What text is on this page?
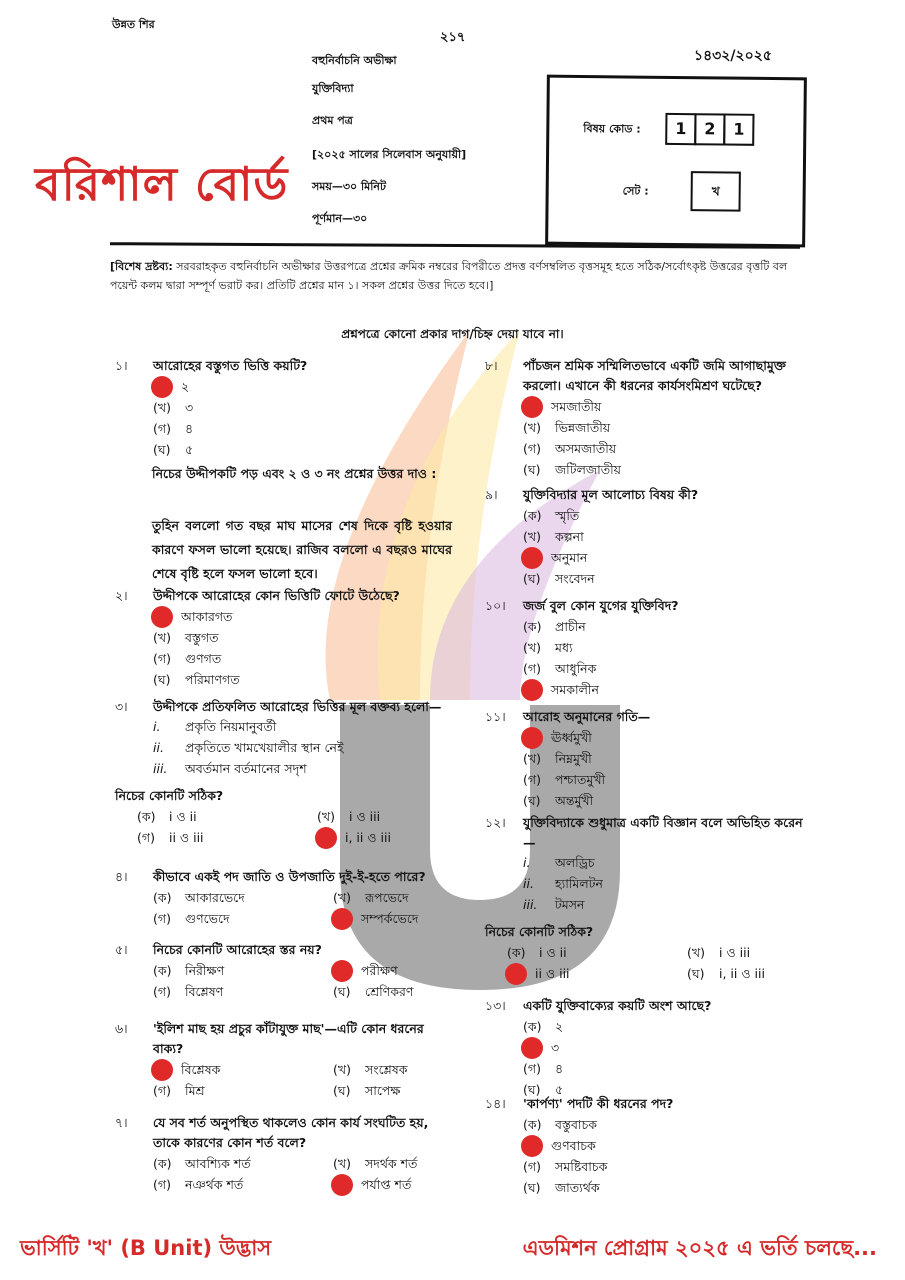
উন্নত শির
২১৭
১৪৩২/২০২৫
বরিশাল বোর্ড
বহুনির্বাচনি অভীক্ষা
যুক্তিবিদ্যা
প্রথম পত্র
[২০২৫ সালের সিলেবাস অনুযায়ী]
সময়—৩০ মিনিট
পূর্ণমান—৩০
বিষয় কোড :	1 2 1
সেট :	খ
[বিশেষ দ্রষ্টব্য: সরবরাহকৃত বহুনির্বাচনি অভীক্ষার উত্তরপত্রে প্রশ্নের ক্রমিক নম্বরের বিপরীতে প্রদত্ত বর্ণসম্বলিত বৃত্তসমূহ হতে সঠিক/সর্বোৎকৃষ্ট উত্তরের বৃত্তটি বল পয়েন্ট কলম দ্বারা সম্পূর্ণ ভরাট কর। প্রতিটি প্রশ্নের মান ১। সকল প্রশ্নের উত্তর দিতে হবে।]
প্রশ্নপত্রে কোনো প্রকার দাগ/চিহ্ন দেয়া যাবে না।
নিচের উদ্দীপকটি পড় এবং ২ ও ৩ নং প্রশ্নের উত্তর দাও :
তুহিন বললো গত বছর মাঘ মাসের শেষ দিকে বৃষ্টি হওয়ার কারণে ফসল ভালো হয়েছে। রাজিব বললো এ বছরও মাঘের শেষে বৃষ্টি হলে ফসল ভালো হবে।
১।	আরোহের বস্তুগত ভিত্তি কয়টি?
২
(খ)	৩
(গ)	৪
(ঘ)	৫
২।	উদ্দীপকে আরোহের কোন ভিত্তিটি ফোটে উঠেছে?
আকারগত
(খ)	বস্তুগত
(গ)	গুণগত
(ঘ)	পরিমাণগত
৩।	উদ্দীপকে প্রতিফলিত আরোহের ভিত্তির মূল বক্তব্য হলো—
i. প্রকৃতি নিয়মানুবর্তী
ii. প্রকৃতিতে খামখেয়ালীর স্থান নেই
iii. অবর্তমান বর্তমানের সদৃশ
নিচের কোনটি সঠিক?
(ক)	i ও ii	(খ)	i ও iii
(গ)	ii ও iii	i, ii ও iii
৪।	কীভাবে একই পদ জাতি ও উপজাতি দুই-ই-হতে পারে?
(ক)	আকারভেদে	(খ)	রূপভেদে
(গ)	গুণভেদে	সম্পর্কভেদে
৫।	নিচের কোনটি আরোহের স্তর নয়?
(ক)	নিরীক্ষণ	পরীক্ষণ
(গ)	বিশ্লেষণ	(ঘ)	শ্রেণিকরণ
৬।	'ইলিশ মাছ হয় প্রচুর কাঁটাযুক্ত মাছ'—এটি কোন ধরনের বাক্য?
বিশ্লেষক	(খ)	সংশ্লেষক
(গ)	মিশ্র	(ঘ)	সাপেক্ষ
৭।	যে সব শর্ত অনুপস্থিত থাকলেও কোন কার্য সংঘটিত হয়, তাকে কারণের কোন শর্ত বলে?
(ক)	আবশ্যিক শর্ত	(খ)	সদর্থক শর্ত
(গ)	নঞর্থক শর্ত	পর্যাপ্ত শর্ত
৮।	পাঁচজন শ্রমিক সম্মিলিতভাবে একটি জমি আগাছামুক্ত করলো। এখানে কী ধরনের কার্যসংমিশ্রণ ঘটেছে?
সমজাতীয়
(খ)	ভিন্নজাতীয়
(গ)	অসমজাতীয়
(ঘ)	জটিলজাতীয়
৯।	যুক্তিবিদ্যার মূল আলোচ্য বিষয় কী?
(ক)	স্মৃতি
(খ)	কল্পনা
অনুমান
(ঘ)	সংবেদন
১০।	জর্জ বুল কোন যুগের যুক্তিবিদ?
(ক)	প্রাচীন
(খ)	মধ্য
(গ)	আধুনিক
সমকালীন
১১।	আরোহ অনুমানের গতি—
ঊর্ধ্বমুখী
(খ)	নিম্নমুখী
(গ)	পশ্চাতমুখী
(ঘ)	অন্তর্মুখী
১২।	যুক্তিবিদ্যাকে শুধুমাত্র একটি বিজ্ঞান বলে অভিহিত করেন—
i. অলড্রিচ
ii. হ্যামিলটন
iii. টমসন
নিচের কোনটি সঠিক?
(ক)	i ও ii	(খ)	i ও iii
ii ও iii	(ঘ)	i, ii ও iii
১৩।	একটি যুক্তিবাক্যের কয়টি অংশ আছে?
(ক)	২
৩
(গ)	৪
(ঘ)	৫
১৪।	'কার্পণ্য' পদটি কী ধরনের পদ?
(ক)	বস্তুবাচক
গুণবাচক
(গ)	সমষ্টিবাচক
(ঘ)	জাত্যর্থক
ভার্সিটি 'খ' (B Unit) উদ্ভাস	এডমিশন প্রোগ্রাম ২০২৫ এ ভর্তি চলছে...
